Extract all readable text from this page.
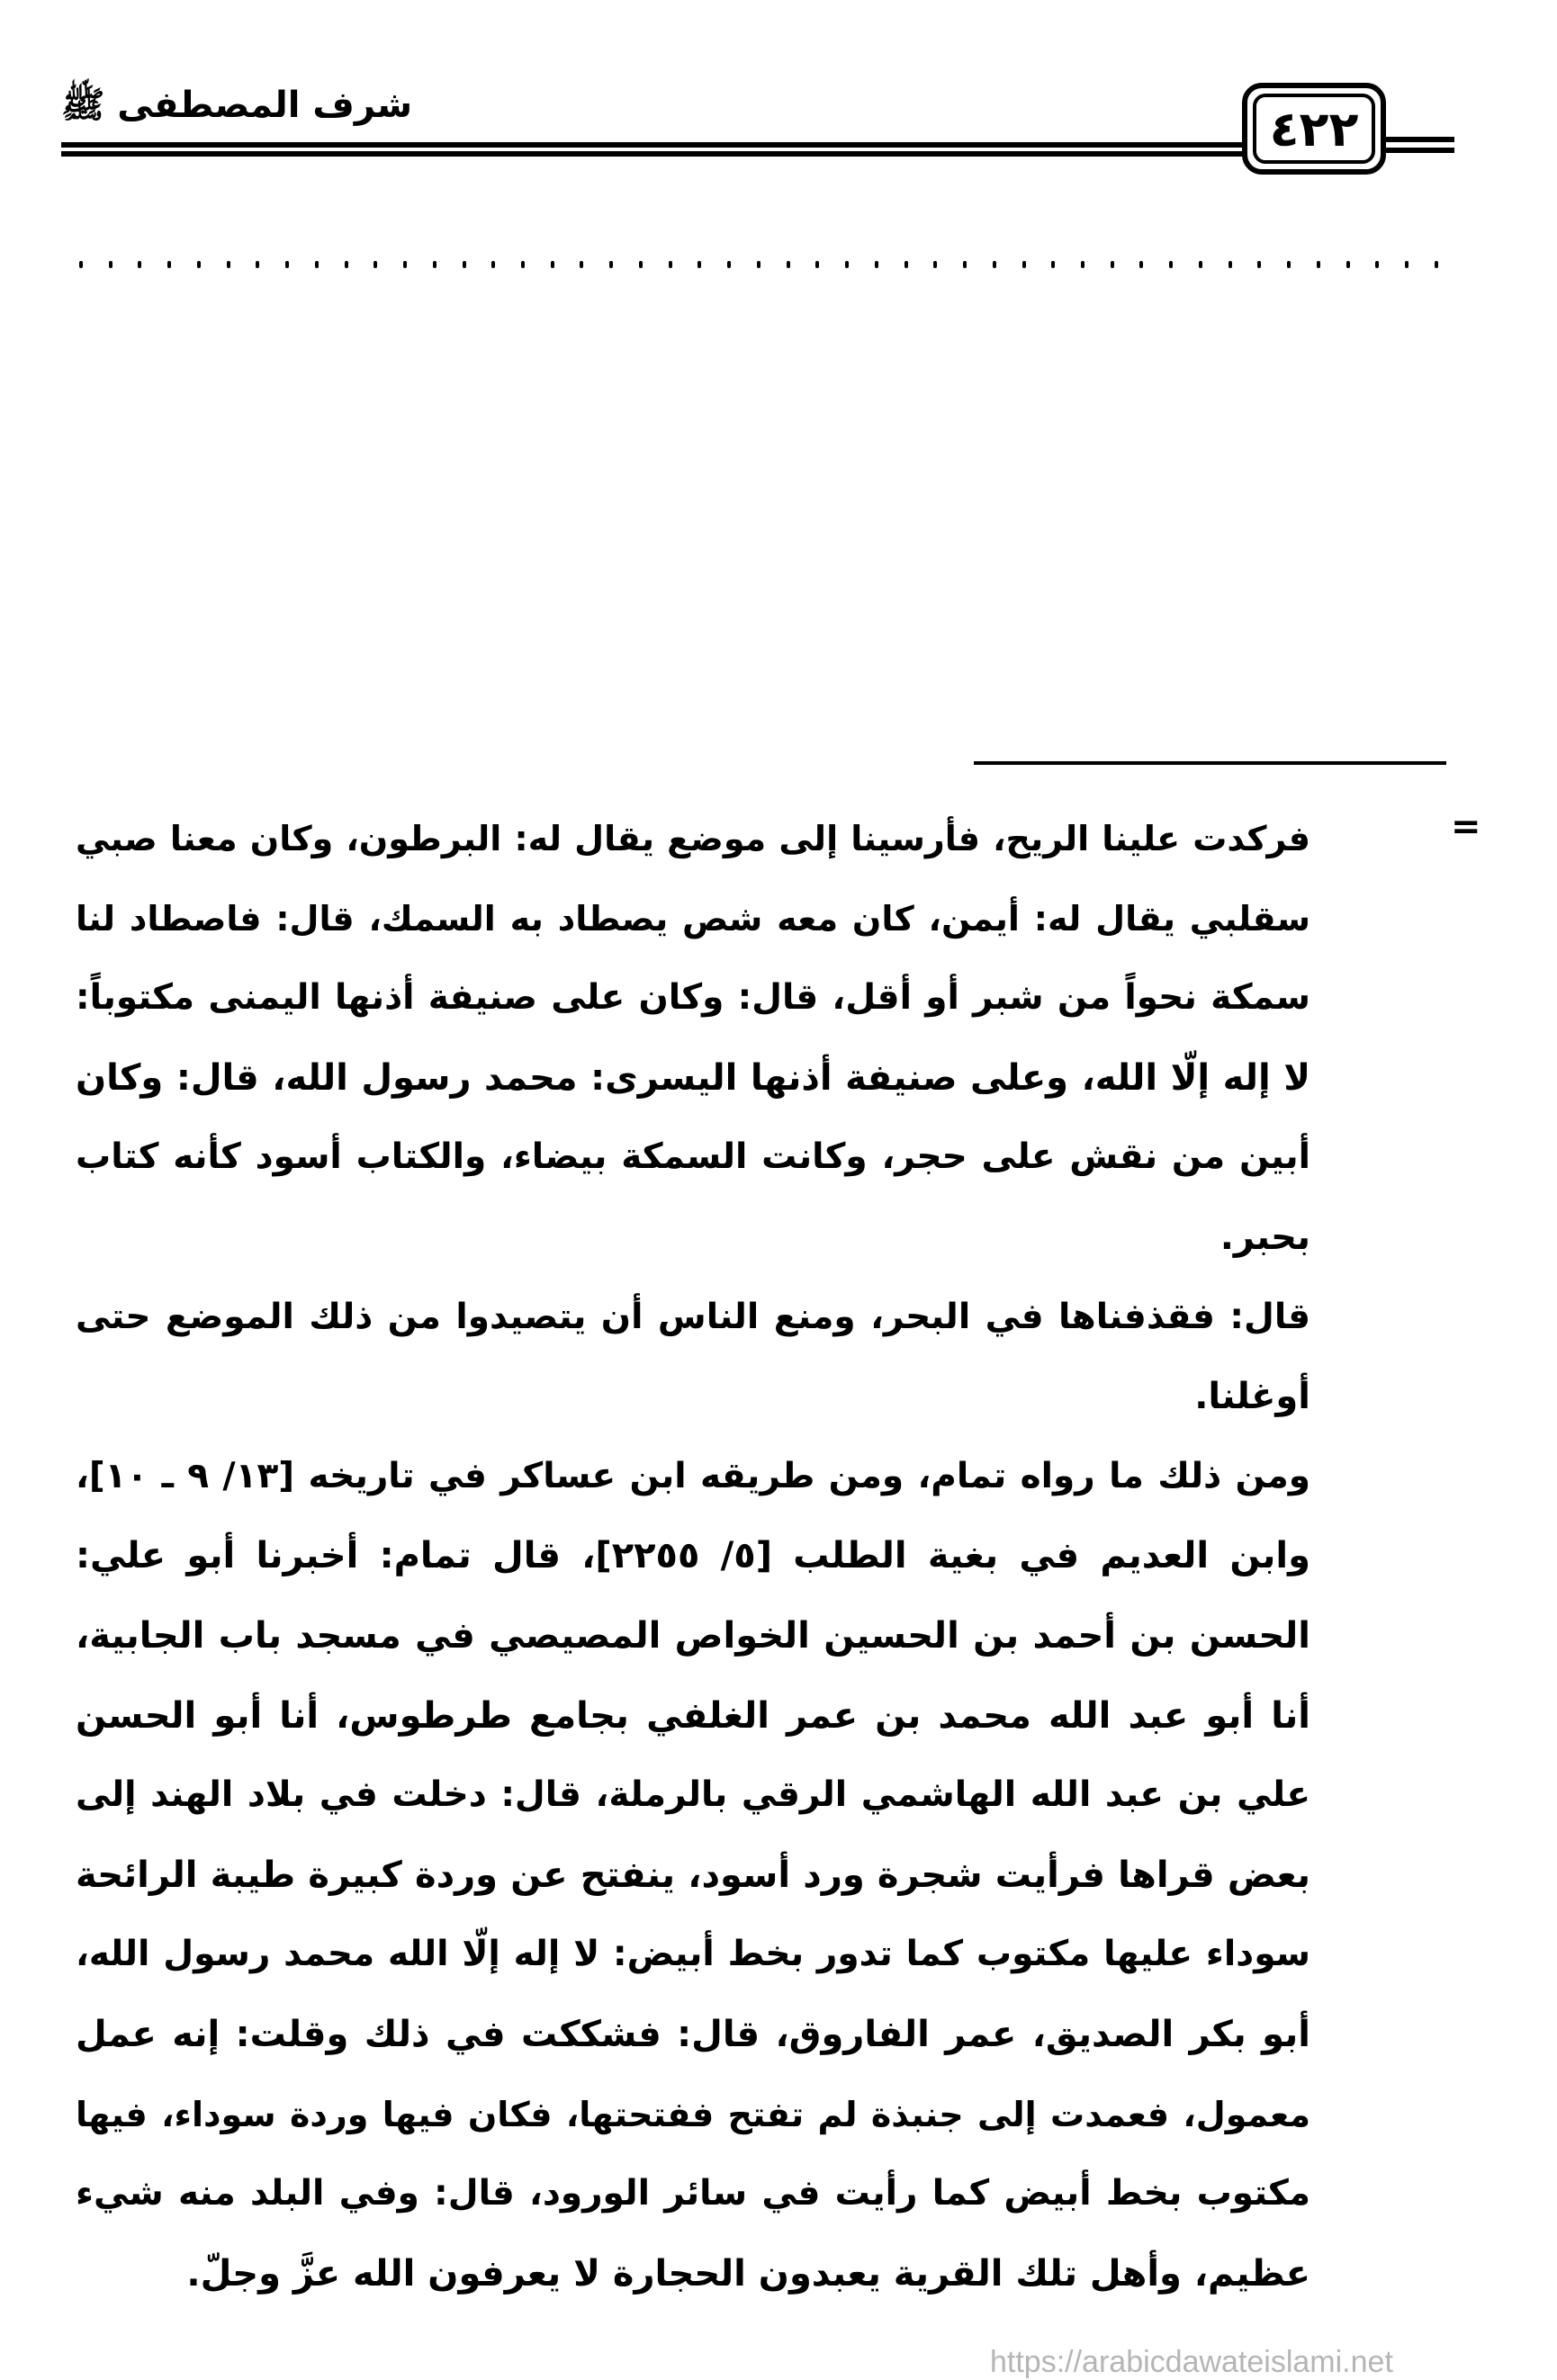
شرف المصطفى ﷺ	٤٢٢
=
فركدت علينا الريح، فأرسينا إلى موضع يقال له: البرطون، وكان معنا صبي
سقلبي يقال له: أيمن، كان معه شص يصطاد به السمك، قال: فاصطاد لنا
سمكة نحواً من شبر أو أقل، قال: وكان على صنيفة أذنها اليمنى مكتوباً:
لا إله إلّا الله، وعلى صنيفة أذنها اليسرى: محمد رسول الله، قال: وكان
أبين من نقش على حجر، وكانت السمكة بيضاء، والكتاب أسود كأنه كتاب
بحبر.
قال: فقذفناها في البحر، ومنع الناس أن يتصيدوا من ذلك الموضع حتى
أوغلنا.
ومن ذلك ما رواه تمام، ومن طريقه ابن عساكر في تاريخه [١٣/ ٩ ـ ١٠]،
وابن العديم في بغية الطلب [٥/ ٢٢٥٥]، قال تمام: أخبرنا أبو علي:
الحسن بن أحمد بن الحسين الخواص المصيصي في مسجد باب الجابية،
أنا أبو عبد الله محمد بن عمر الغلفي بجامع طرطوس، أنا أبو الحسن
علي بن عبد الله الهاشمي الرقي بالرملة، قال: دخلت في بلاد الهند إلى
بعض قراها فرأيت شجرة ورد أسود، ينفتح عن وردة كبيرة طيبة الرائحة
سوداء عليها مكتوب كما تدور بخط أبيض: لا إله إلّا الله محمد رسول الله،
أبو بكر الصديق، عمر الفاروق، قال: فشككت في ذلك وقلت: إنه عمل
معمول، فعمدت إلى جنبذة لم تفتح ففتحتها، فكان فيها وردة سوداء، فيها
مكتوب بخط أبيض كما رأيت في سائر الورود، قال: وفي البلد منه شيء
عظيم، وأهل تلك القرية يعبدون الحجارة لا يعرفون الله عزَّ وجلّ.
https://arabicdawateislami.net
